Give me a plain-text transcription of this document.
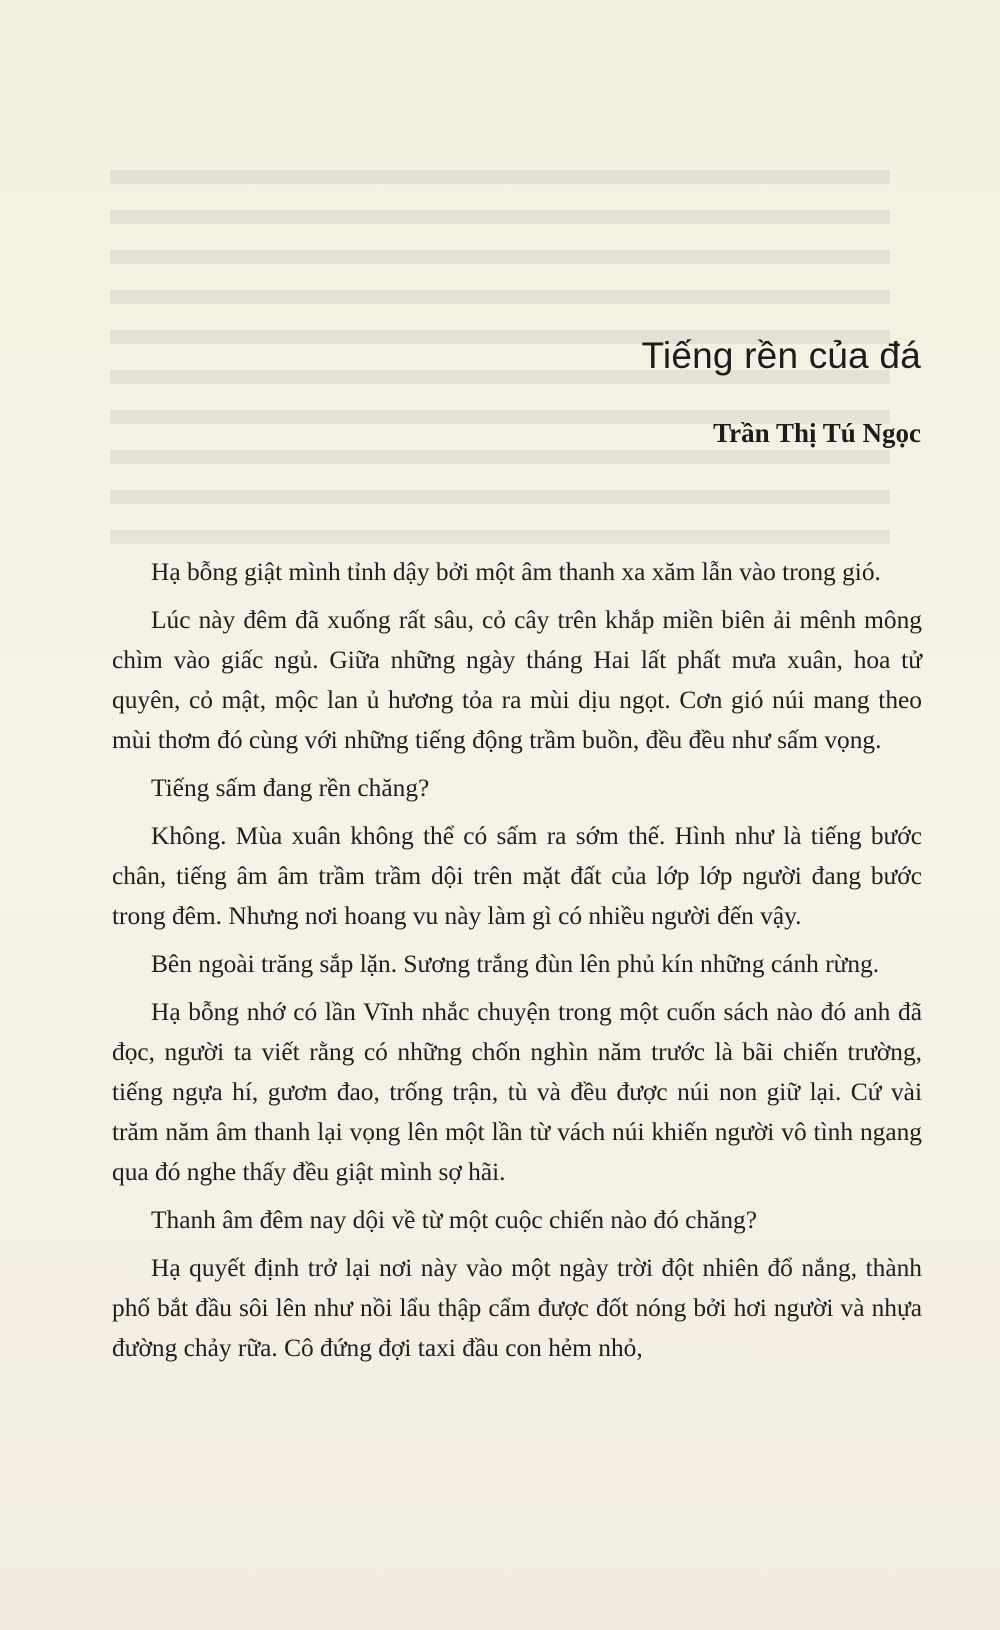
Tiếng rền của đá
Trần Thị Tú Ngọc

Hạ bỗng giật mình tỉnh dậy bởi một âm thanh xa xăm lẫn vào trong gió.

Lúc này đêm đã xuống rất sâu, cỏ cây trên khắp miền biên ải mênh mông chìm vào giấc ngủ. Giữa những ngày tháng Hai lất phất mưa xuân, hoa tử quyên, cỏ mật, mộc lan ủ hương tỏa ra mùi dịu ngọt. Cơn gió núi mang theo mùi thơm đó cùng với những tiếng động trầm buồn, đều đều như sấm vọng.

Tiếng sấm đang rền chăng?

Không. Mùa xuân không thể có sấm ra sớm thế. Hình như là tiếng bước chân, tiếng âm âm trầm trầm dội trên mặt đất của lớp lớp người đang bước trong đêm. Nhưng nơi hoang vu này làm gì có nhiều người đến vậy.

Bên ngoài trăng sắp lặn. Sương trắng đùn lên phủ kín những cánh rừng.

Hạ bỗng nhớ có lần Vĩnh nhắc chuyện trong một cuốn sách nào đó anh đã đọc, người ta viết rằng có những chốn nghìn năm trước là bãi chiến trường, tiếng ngựa hí, gươm đao, trống trận, tù và đều được núi non giữ lại. Cứ vài trăm năm âm thanh lại vọng lên một lần từ vách núi khiến người vô tình ngang qua đó nghe thấy đều giật mình sợ hãi.

Thanh âm đêm nay dội về từ một cuộc chiến nào đó chăng?

Hạ quyết định trở lại nơi này vào một ngày trời đột nhiên đổ nắng, thành phố bắt đầu sôi lên như nồi lẩu thập cẩm được đốt nóng bởi hơi người và nhựa đường chảy rữa. Cô đứng đợi taxi đầu con hẻm nhỏ,
